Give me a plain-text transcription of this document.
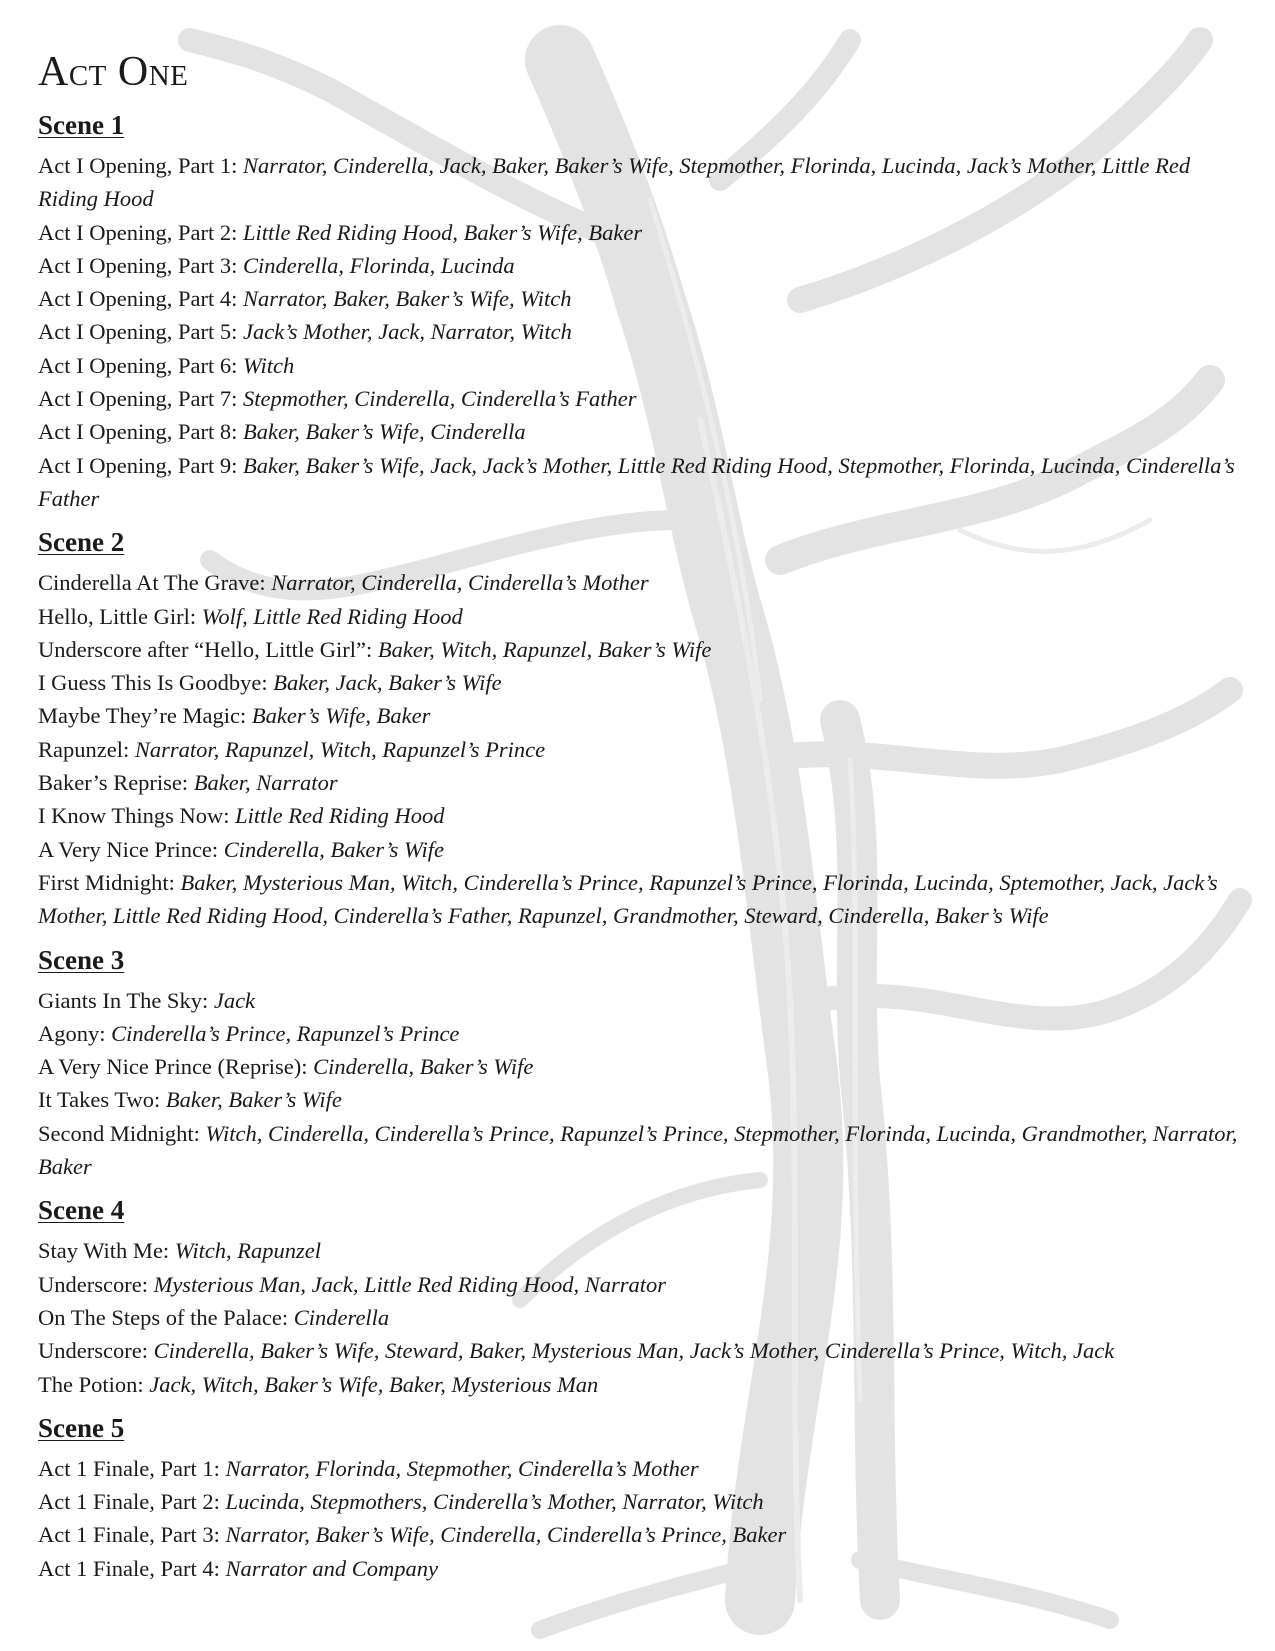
Act One
Scene 1
Act I Opening, Part 1: Narrator, Cinderella, Jack, Baker, Baker’s Wife, Stepmother, Florinda, Lucinda, Jack’s Mother, Little Red Riding Hood
Act I Opening, Part 2: Little Red Riding Hood, Baker’s Wife, Baker
Act I Opening, Part 3: Cinderella, Florinda, Lucinda
Act I Opening, Part 4: Narrator, Baker, Baker’s Wife, Witch
Act I Opening, Part 5: Jack’s Mother, Jack, Narrator, Witch
Act I Opening, Part 6: Witch
Act I Opening, Part 7: Stepmother, Cinderella, Cinderella’s Father
Act I Opening, Part 8: Baker, Baker’s Wife, Cinderella
Act I Opening, Part 9: Baker, Baker’s Wife, Jack, Jack’s Mother, Little Red Riding Hood, Stepmother, Florinda, Lucinda, Cinderella’s Father
Scene 2
Cinderella At The Grave: Narrator, Cinderella, Cinderella’s Mother
Hello, Little Girl: Wolf, Little Red Riding Hood
Underscore after “Hello, Little Girl”: Baker, Witch, Rapunzel, Baker’s Wife
I Guess This Is Goodbye: Baker, Jack, Baker’s Wife
Maybe They’re Magic: Baker’s Wife, Baker
Rapunzel: Narrator, Rapunzel, Witch, Rapunzel’s Prince
Baker’s Reprise: Baker, Narrator
I Know Things Now: Little Red Riding Hood
A Very Nice Prince: Cinderella, Baker’s Wife
First Midnight: Baker, Mysterious Man, Witch, Cinderella’s Prince, Rapunzel’s Prince, Florinda, Lucinda, Sptemother, Jack, Jack’s Mother, Little Red Riding Hood, Cinderella’s Father, Rapunzel, Grandmother, Steward, Cinderella, Baker’s Wife
Scene 3
Giants In The Sky: Jack
Agony: Cinderella’s Prince, Rapunzel’s Prince
A Very Nice Prince (Reprise): Cinderella, Baker’s Wife
It Takes Two: Baker, Baker’s Wife
Second Midnight: Witch, Cinderella, Cinderella’s Prince, Rapunzel’s Prince, Stepmother, Florinda, Lucinda, Grandmother, Narrator, Baker
Scene 4
Stay With Me: Witch, Rapunzel
Underscore: Mysterious Man, Jack, Little Red Riding Hood, Narrator
On The Steps of the Palace: Cinderella
Underscore: Cinderella, Baker’s Wife, Steward, Baker, Mysterious Man, Jack’s Mother, Cinderella’s Prince, Witch, Jack
The Potion: Jack, Witch, Baker’s Wife, Baker, Mysterious Man
Scene 5
Act 1 Finale, Part 1: Narrator, Florinda, Stepmother, Cinderella’s Mother
Act 1 Finale, Part 2: Lucinda, Stepmothers, Cinderella’s Mother, Narrator, Witch
Act 1 Finale, Part 3: Narrator, Baker’s Wife, Cinderella, Cinderella’s Prince, Baker
Act 1 Finale, Part 4: Narrator and Company
